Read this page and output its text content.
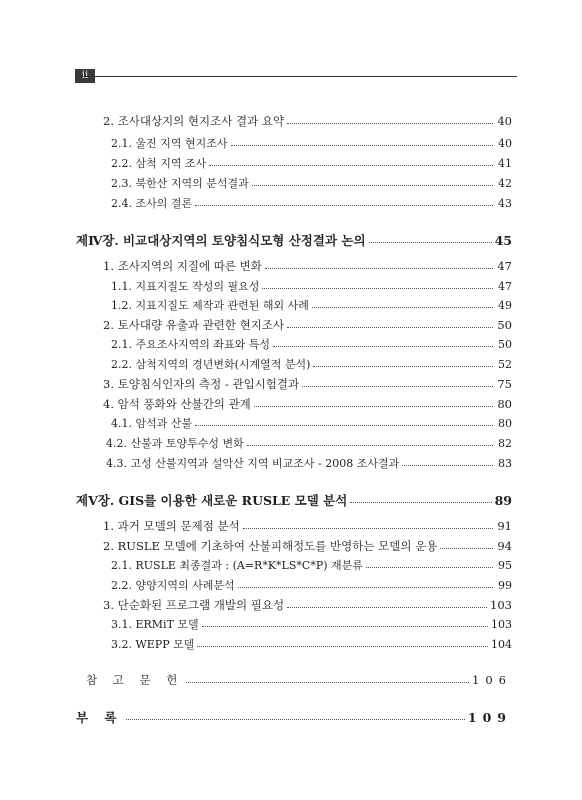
2. 조사대상지의 현지조사 결과 요약	40
2.1. 울진 지역 현지조사	40
2.2. 삼척 지역 조사	41
2.3. 북한산 지역의 분석결과	42
2.4. 조사의 결론	43
제Ⅳ장. 비교대상지역의 토양침식모형 산정결과 논의	45
1. 조사지역의 지질에 따른 변화	47
1.1. 지표지질도 작성의 필요성	47
1.2. 지표지질도 제작과 관련된 해외 사례	49
2. 토사대량 유출과 관련한 현지조사	50
2.1. 주요조사지역의 좌표와 특성	50
2.2. 삼척지역의 경년변화(시계열적 분석)	52
3. 토양침식인자의 측정 - 관입시험결과	75
4. 암석 풍화와 산불간의 관계	80
4.1. 암석과 산불	80
4.2. 산불과 토양투수성 변화	82
4.3. 고성 산불지역과 설악산 지역 비교조사 - 2008 조사결과	83
제Ⅴ장. GIS를 이용한 새로운 RUSLE 모델 분석	89
1. 과거 모델의 문제점 분석	91
2. RUSLE 모델에 기초하여 산불피해정도를 반영하는 모델의 운용	94
2.1. RUSLE 최종결과 : (A=R*K*LS*C*P) 재분류	95
2.2. 양양지역의 사례분석	99
3. 단순화된 프로그램 개발의 필요성	103
3.1. ERMiT 모델	103
3.2. WEPP 모델	104
참 고 문 헌	106
부 록	109
